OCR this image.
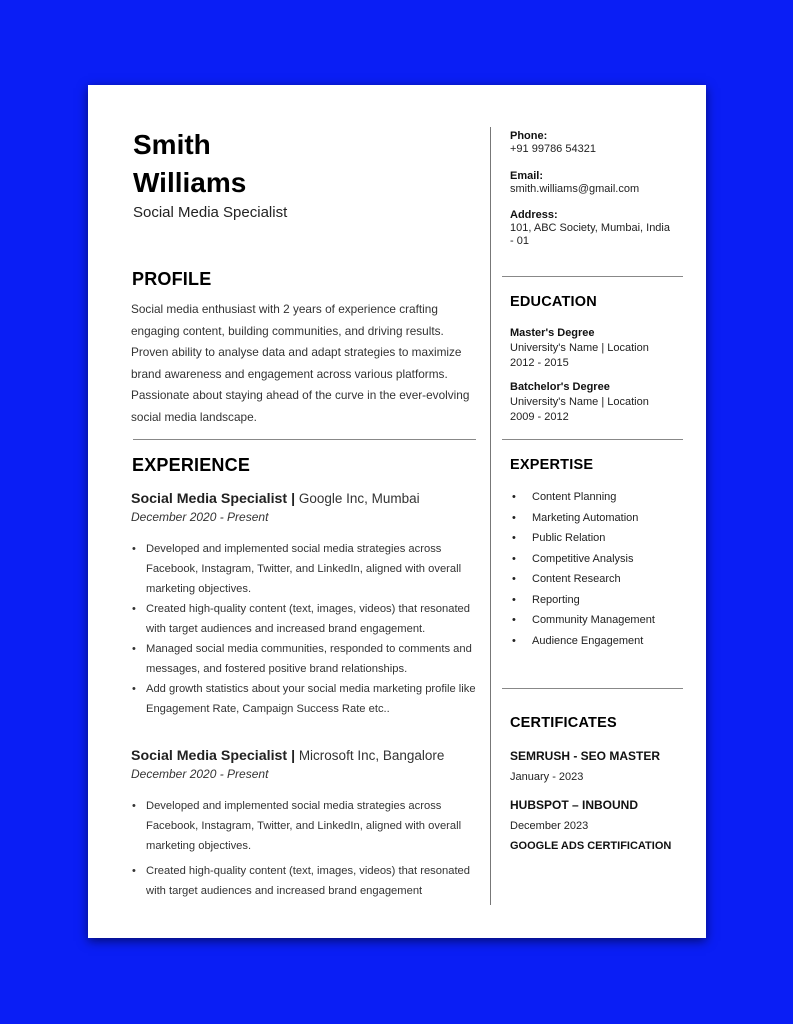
Smith
Williams
Social Media Specialist
PROFILE
Social media enthusiast with 2 years of experience crafting engaging content, building communities, and driving results. Proven ability to analyse data and adapt strategies to maximize brand awareness and engagement across various platforms. Passionate about staying ahead of the curve in the ever-evolving social media landscape.
EXPERIENCE
Social Media Specialist | Google Inc, Mumbai
December 2020 - Present
• Developed and implemented social media strategies across Facebook, Instagram, Twitter, and LinkedIn, aligned with overall marketing objectives.
• Created high-quality content (text, images, videos) that resonated with target audiences and increased brand engagement.
• Managed social media communities, responded to comments and messages, and fostered positive brand relationships.
• Add growth statistics about your social media marketing profile like Engagement Rate, Campaign Success Rate etc..
Social Media Specialist | Microsoft Inc, Bangalore
December 2020 - Present
• Developed and implemented social media strategies across Facebook, Instagram, Twitter, and LinkedIn, aligned with overall marketing objectives.
• Created high-quality content (text, images, videos) that resonated with target audiences and increased brand engagement
Phone:
+91 99786 54321
Email:
smith.williams@gmail.com
Address:
101, ABC Society, Mumbai, India
- 01
EDUCATION
Master's Degree
University's Name | Location
2012 - 2015
Batchelor's Degree
University's Name | Location
2009 - 2012
EXPERTISE
• Content Planning
• Marketing Automation
• Public Relation
• Competitive Analysis
• Content Research
• Reporting
• Community Management
• Audience Engagement
CERTIFICATES
SEMRUSH - SEO MASTER
January - 2023
HUBSPOT – INBOUND
December 2023
GOOGLE ADS CERTIFICATION
